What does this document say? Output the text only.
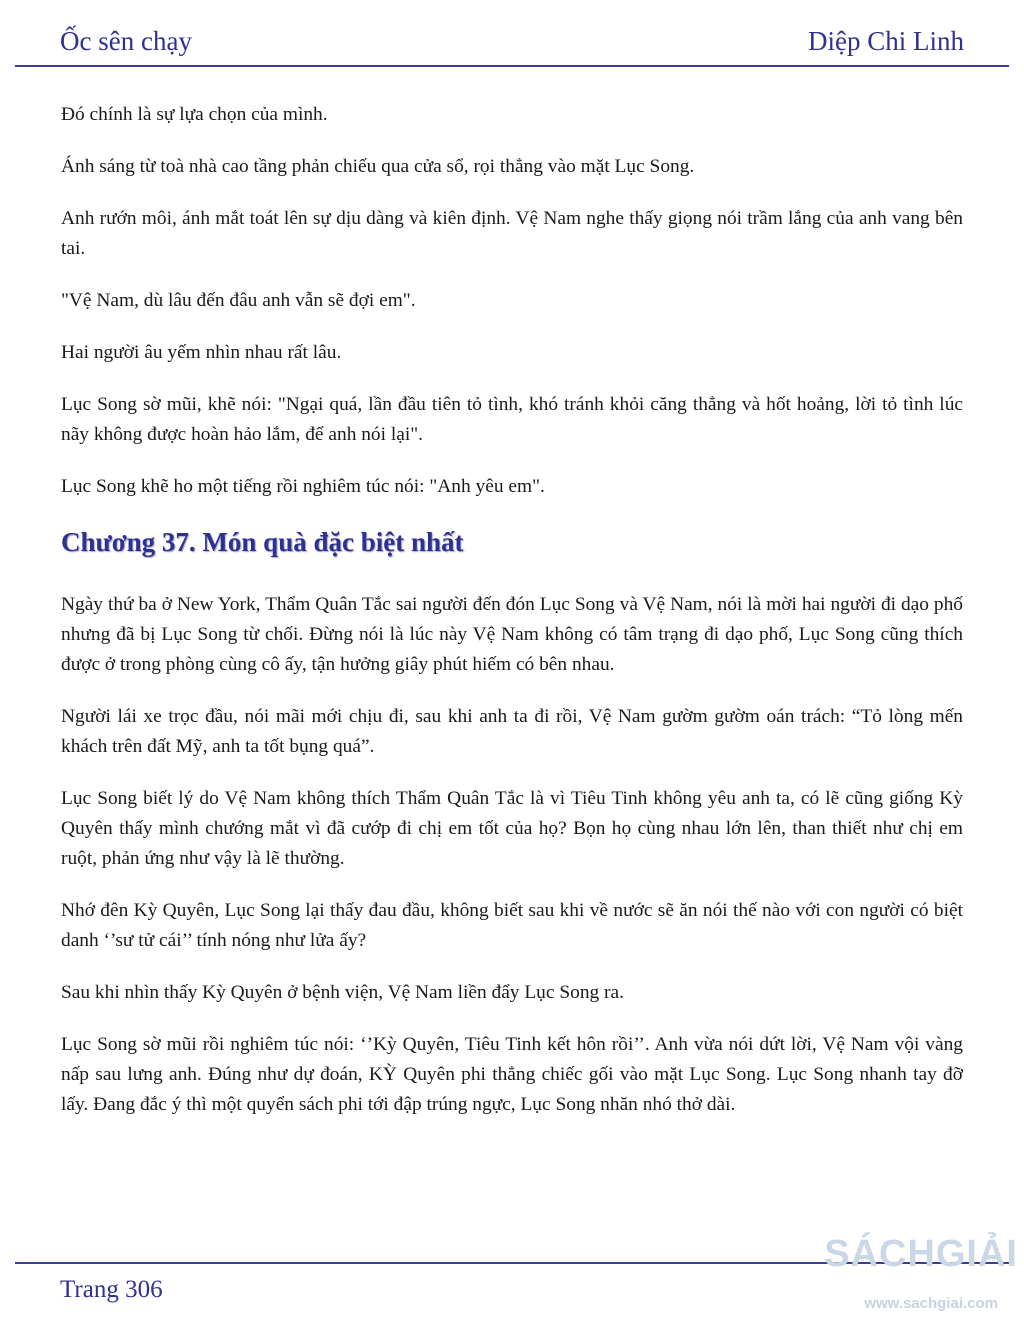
Ốc sên chạy	Diệp Chi Linh

Đó chính là sự lựa chọn của mình.

Ánh sáng từ toà nhà cao tầng phản chiếu qua cửa sổ, rọi thẳng vào mặt Lục Song.

Anh rướn môi, ánh mắt toát lên sự dịu dàng và kiên định. Vệ Nam nghe thấy giọng nói trầm lắng của anh vang bên tai.

"Vệ Nam, dù lâu đến đâu anh vẫn sẽ đợi em".

Hai người âu yếm nhìn nhau rất lâu.

Lục Song sờ mũi, khẽ nói: "Ngại quá, lần đầu tiên tỏ tình, khó tránh khỏi căng thẳng và hốt hoảng, lời tỏ tình lúc nãy không được hoàn hảo lắm, để anh nói lại".

Lục Song khẽ ho một tiếng rồi nghiêm túc nói: "Anh yêu em".

Chương 37. Món quà đặc biệt nhất

Ngày thứ ba ở New York, Thẩm Quân Tắc sai người đến đón Lục Song và Vệ Nam, nói là mời hai người đi dạo phố nhưng đã bị Lục Song từ chối. Đừng nói là lúc này Vệ Nam không có tâm trạng đi dạo phố, Lục Song cũng thích được ở trong phòng cùng cô ấy, tận hưởng giây phút hiếm có bên nhau.

Người lái xe trọc đầu, nói mãi mới chịu đi, sau khi anh ta đi rồi, Vệ Nam gườm gườm oán trách: “Tỏ lòng mến khách trên đất Mỹ, anh ta tốt bụng quá”.

Lục Song biết lý do Vệ Nam không thích Thẩm Quân Tắc là vì Tiêu Tinh không yêu anh ta, có lẽ cũng giống Kỳ Quyên thấy mình chướng mắt vì đã cướp đi chị em tốt của họ? Bọn họ cùng nhau lớn lên, than thiết như chị em ruột, phản ứng như vậy là lẽ thường.

Nhớ đên Kỳ Quyên, Lục Song lại thấy đau đầu, không biết sau khi về nước sẽ ăn nói thế nào với con người có biệt danh ‘’sư tử cái’’ tính nóng như lửa ấy?

Sau khi nhìn thấy Kỳ Quyên ở bệnh viện, Vệ Nam liền đẩy Lục Song ra.

Lục Song sờ mũi rồi nghiêm túc nói: ‘’Kỳ Quyên, Tiêu Tinh kết hôn rồi’’. Anh vừa nói dứt lời, Vệ Nam vội vàng nấp sau lưng anh. Đúng như dự đoán, KỲ Quyên phi thẳng chiếc gối vào mặt Lục Song. Lục Song nhanh tay đỡ lấy. Đang đắc ý thì một quyển sách phi tới đập trúng ngực, Lục Song nhăn nhó thở dài.

Trang 306
SÁCHGIẢI
www.sachgiai.com
